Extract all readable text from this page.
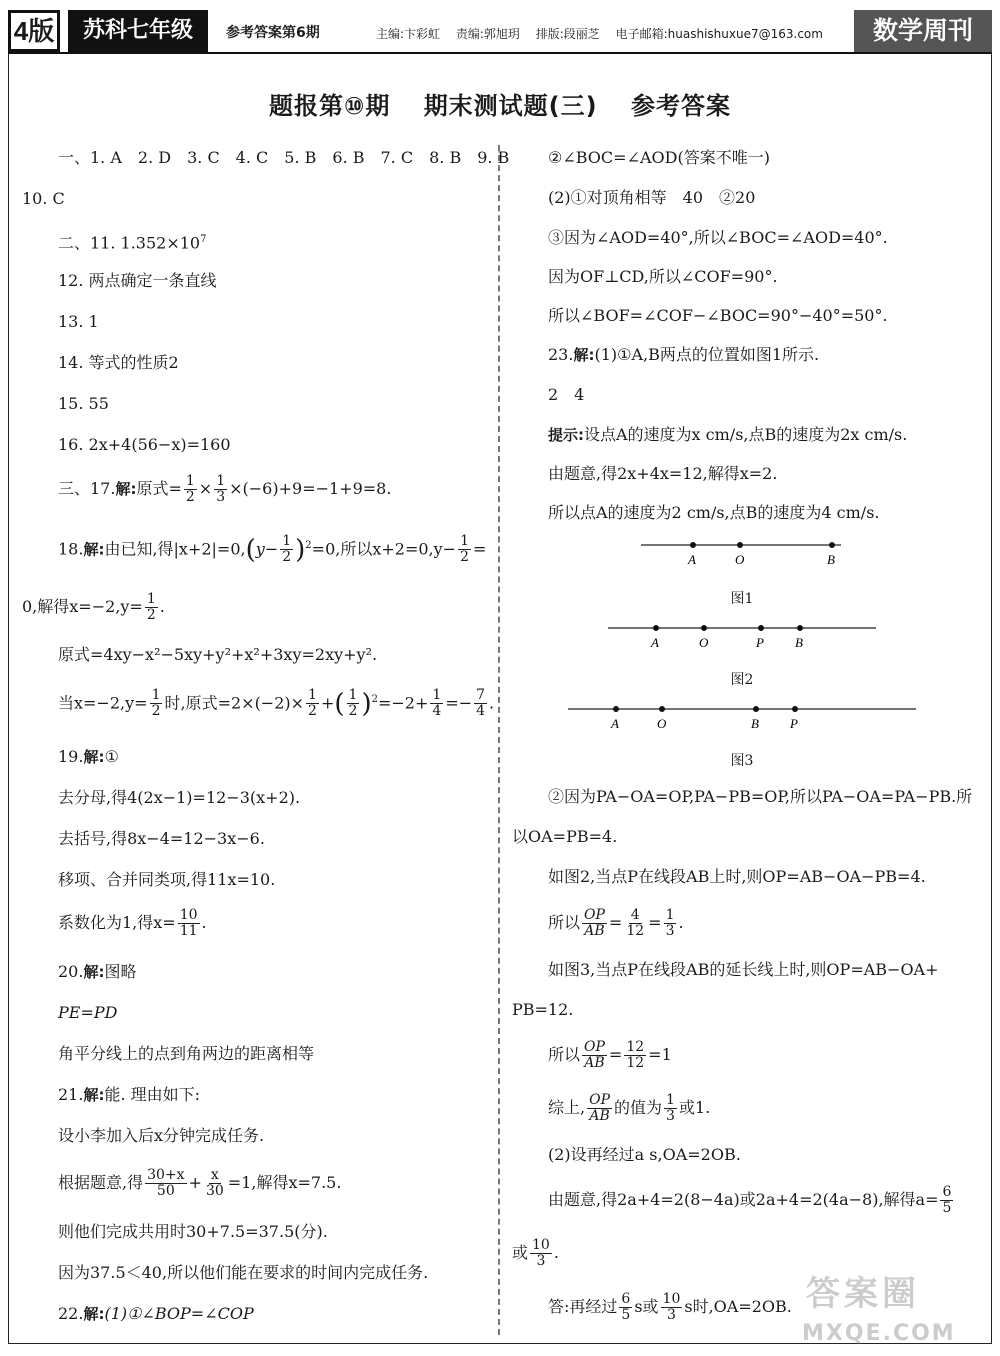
4版	苏科七年级	参考答案第6期	主编:卞彩虹 责编:郭旭玥 排版:段丽芝 电子邮箱:huashishuxue7@163.com	数学周刊
题报第⑩期 期末测试题(三) 参考答案
一、1. A　2. D　3. C　4. C　5. B　6. B　7. C　8. B　9. B
10. C
二、11. $1.352\times 10^7$
12. 两点确定一条直线
13. 1
14. 等式的性质2
15. 55
16. 2x+4(56−x)=160
三、17.解:原式= $\frac{1}{2} \times \frac{1}{3} \times(-6)+9=-1+9=8$.
18.解:由已知,得$|x+2|=0,(y- \frac{1}{2} )^2=0$,所以$x+2=0,y- \frac{1}{2}$ =
0,解得$x=-2,y= \frac{1}{2}$ .
原式=4xy−x²−5xy+y²+x²+3xy=2xy+y².
当$x=-2,y= \frac{1}{2}$ 时,原式$=2\times(-2)\times \frac{1}{2}$ +( $\frac{1}{2} )^2=-2+ \frac{1}{4} =- \frac{7}{4}$ .
19.解:①
去分母,得4(2x−1)=12−3(x+2).
去括号,得8x−4=12−3x−6.
移项、合并同类项,得11x=10.
系数化为1,得$x= \frac{10}{11}$ .
20.解:图略
PE=PD
角平分线上的点到角两边的距离相等
21.解:能. 理由如下:
设小李加入后x分钟完成任务.
根据题意,得 $\frac{30+x}{50} + \frac{x}{30} =1$,解得x=7.5.
则他们完成共用时30+7.5=37.5(分).
因为37.5＜40,所以他们能在要求的时间内完成任务.
22.解:(1)①∠BOP=∠COP
②∠BOC=∠AOD(答案不唯一)
(2)①对顶角相等　40　②20
③因为∠AOD=40°,所以∠BOC=∠AOD=40°.
因为OF⊥CD,所以∠COF=90°.
所以∠BOF=∠COF−∠BOC=90°−40°=50°.
23.解:(1)①A,B两点的位置如图1所示.
2　4
提示:设点A的速度为x cm/s,点B的速度为2x cm/s.
由题意,得2x+4x=12,解得x=2.
所以点A的速度为2 cm/s,点B的速度为4 cm/s.
A	O	B
图1
A	O	P B
图2
A	O	B P
图3
②因为PA−OA=OP,PA−PB=OP,所以PA−OA=PA−PB.所
以OA=PB=4.
如图2,当点P在线段AB上时,则OP=AB−OA−PB=4.
所以 $\frac{OP}{AB} = \frac{4}{12} = \frac{1}{3}$ .
如图3,当点P在线段AB的延长线上时,则OP=AB−OA+
PB=12.
所以 $\frac{OP}{AB} = \frac{12}{12} =1$
综上, $\frac{OP}{AB}$ 的值为 $\frac{1}{3}$ 或1.
(2)设再经过a s,OA=2OB.
由题意,得2a+4=2(8−4a)或2a+4=2(4a−8),解得$a= \frac{6}{5}$
或 $\frac{10}{3}$ .
答:再经过 $\frac{6}{5}$ s或 $\frac{10}{3}$ s时,OA=2OB. 答案圈
MXQE.COM
